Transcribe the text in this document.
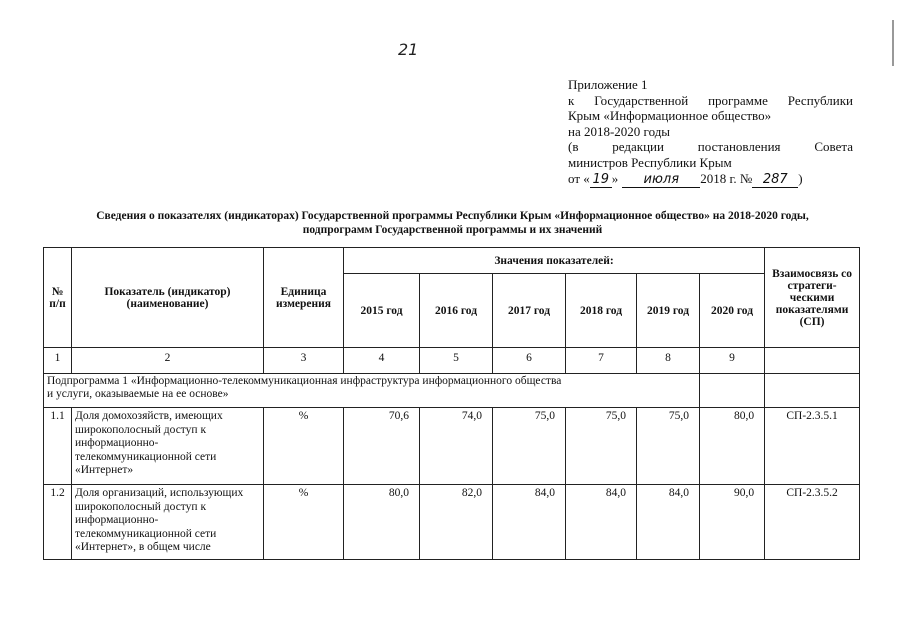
21
Приложение 1
к Государственной программе Республики
Крым «Информационное общество»
на 2018-2020 годы
(в	редакции	постановления	Совета
министров Республики Крым
от « 19 » июля 2018 г. № 287 )
Сведения о показателях (индикаторах) Государственной программы Республики Крым «Информационное общество» на 2018-2020 годы,
подпрограмм Государственной программы и их значений
№ п/п	Показатель (индикатор) (наименование)	Единица измерения	Значения показателей:						Взаимосвязь со стратеги-ческими показателями (СП)
			2015 год	2016 год	2017 год	2018 год	2019 год	2020 год	
1	2	3	4	5	6	7	8	9	

Подпрограмма 1 «Информационно-телекоммуникационная инфраструктура информационного общества
и услуги, оказываемые на ее основе»									

1.1	Доля домохозяйств, имеющих широкополосный доступ к информационно-телекоммуникационной сети «Интернет»	%	70,6	74,0	75,0	75,0	75,0	80,0	СП-2.3.5.1
1.2	Доля организаций, использующих широкополосный доступ к информационно-телекоммуникационной сети «Интернет», в общем числе	%	80,0	82,0	84,0	84,0	84,0	90,0	СП-2.3.5.2
